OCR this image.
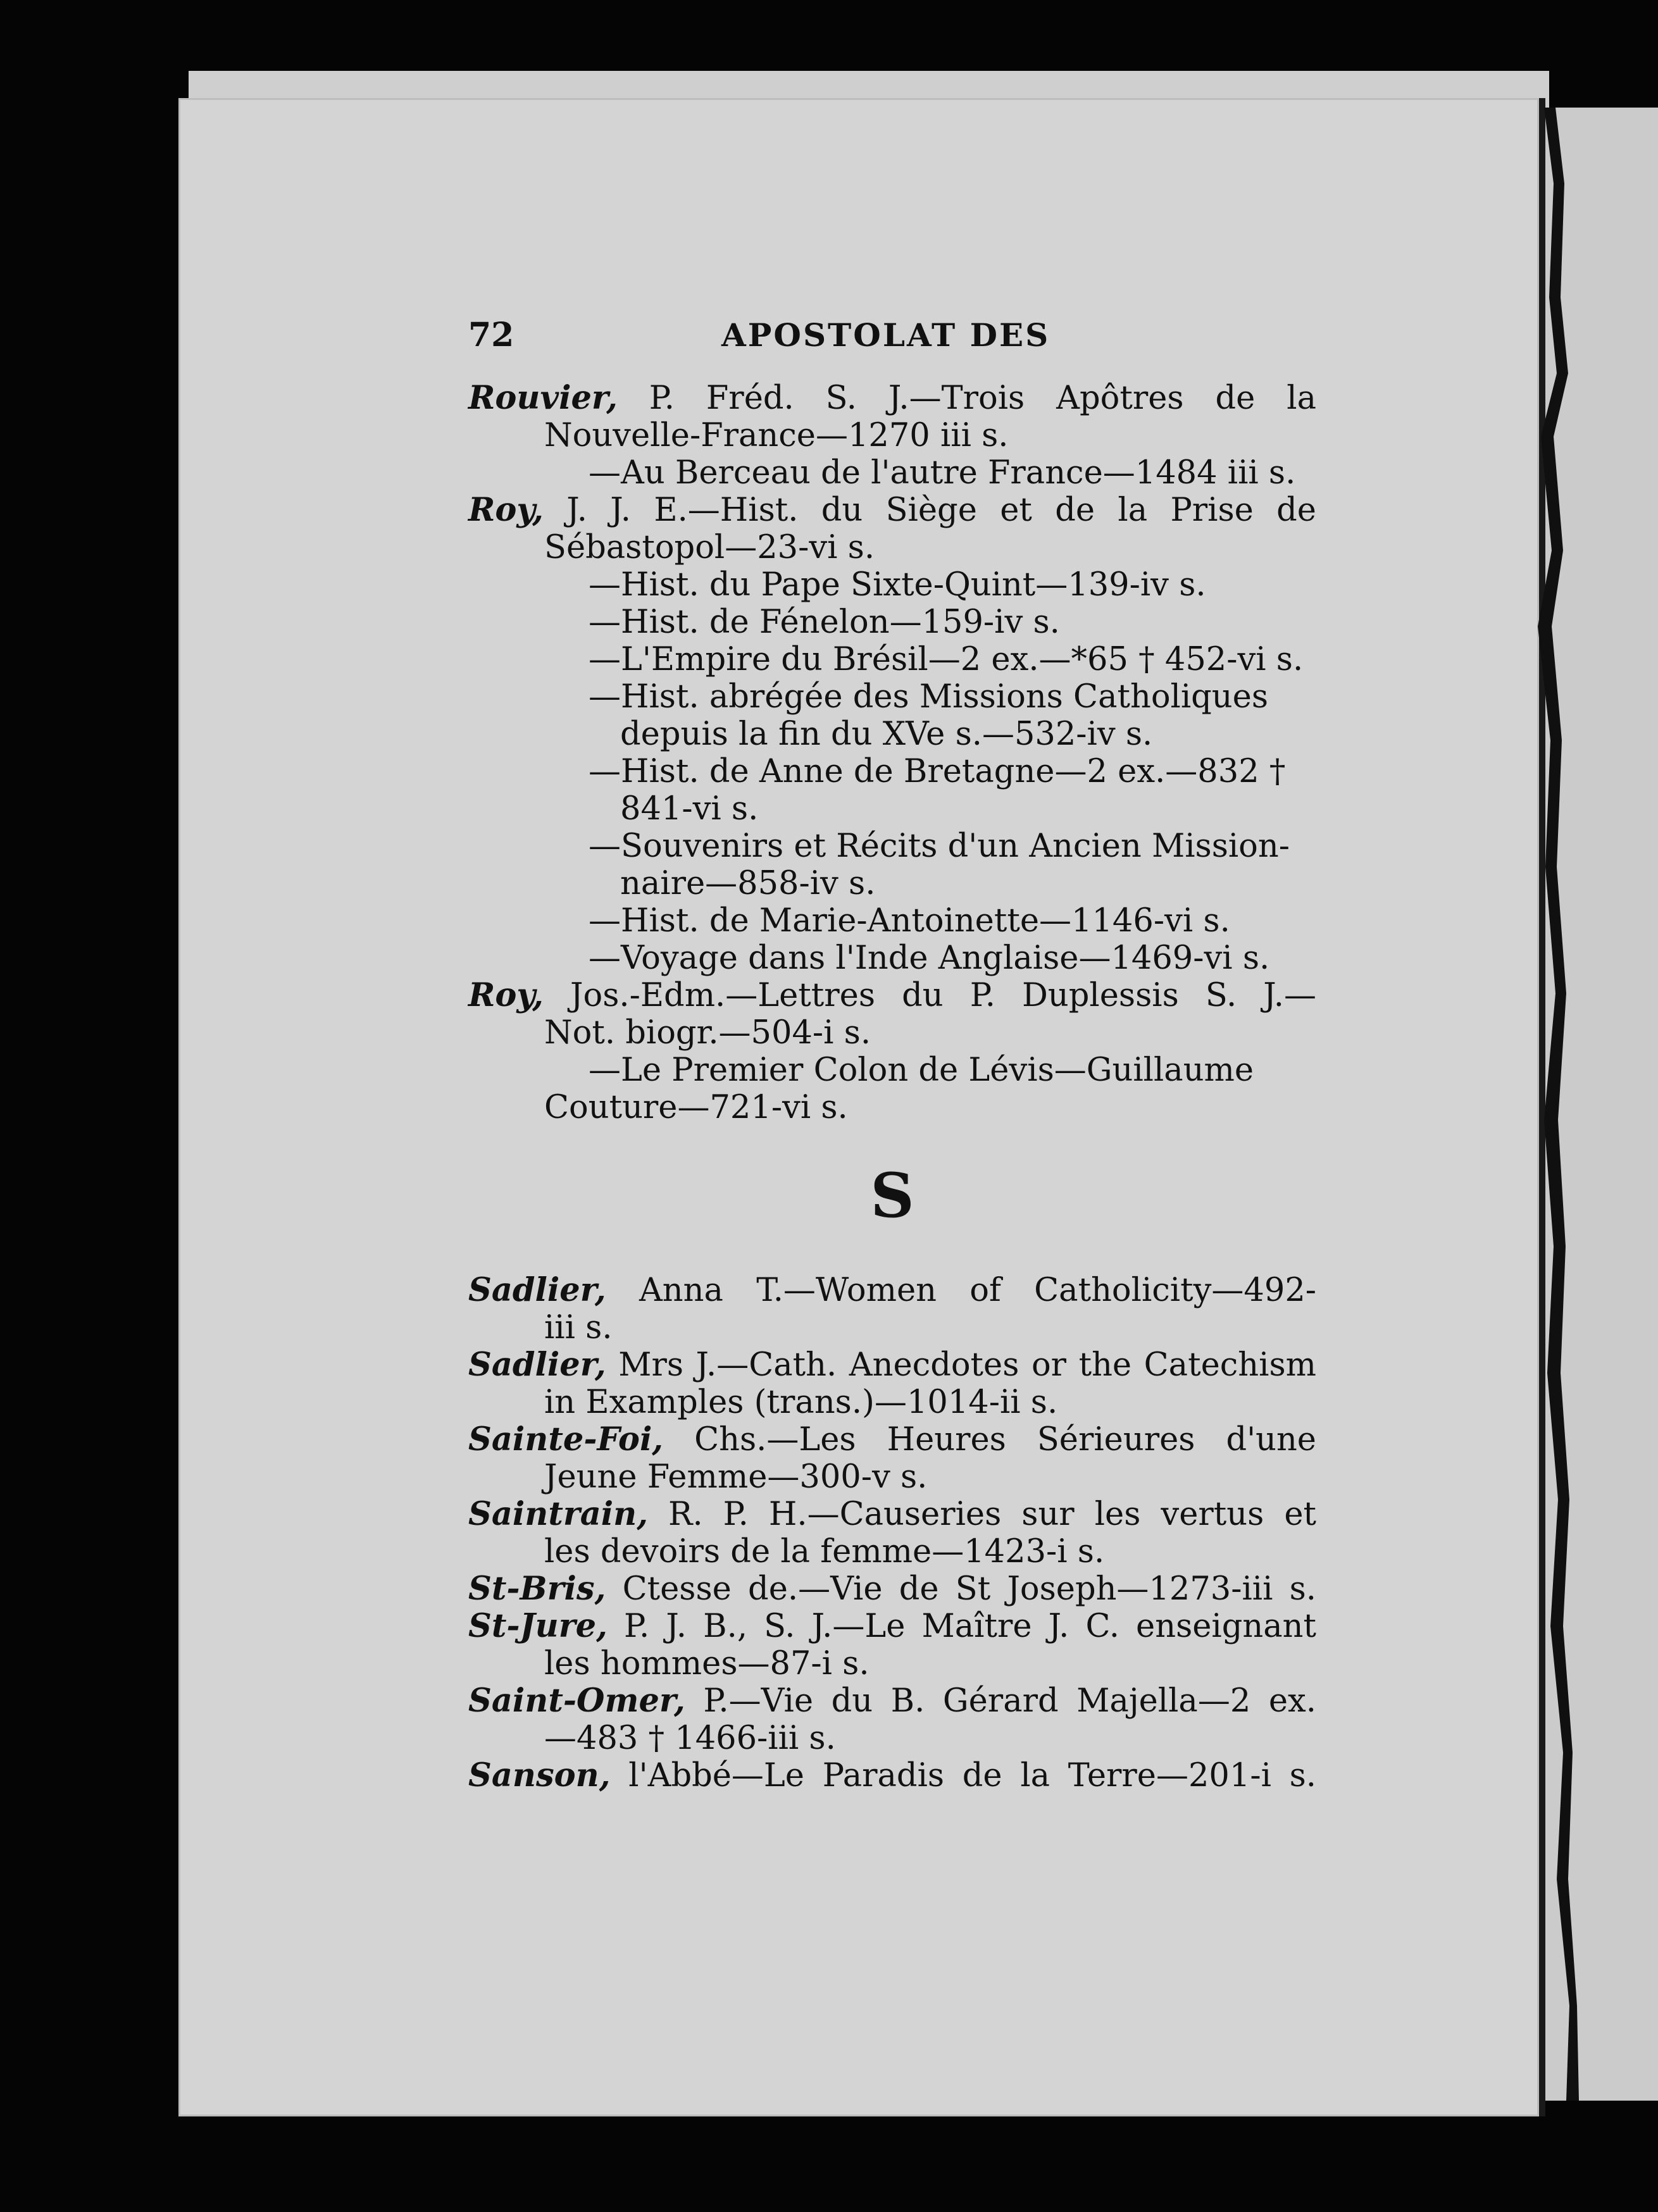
72	APOSTOLAT DES
Rouvier, P. Fréd. S. J.—Trois Apôtres de la
Nouvelle-France—1270 iii s.
—Au Berceau de l'autre France—1484 iii s.
Roy, J. J. E.—Hist. du Siège et de la Prise de
Sébastopol—23-vi s.
—Hist. du Pape Sixte-Quint—139-iv s.
—Hist. de Fénelon—159-iv s.
—L'Empire du Brésil—2 ex.—*65 † 452-vi s.
—Hist. abrégée des Missions Catholiques
depuis la fin du XVe s.—532-iv s.
—Hist. de Anne de Bretagne—2 ex.—832 †
841-vi s.
—Souvenirs et Récits d'un Ancien Mission-
naire—858-iv s.
—Hist. de Marie-Antoinette—1146-vi s.
—Voyage dans l'Inde Anglaise—1469-vi s.
Roy, Jos.-Edm.—Lettres du P. Duplessis S. J.—
Not. biogr.—504-i s.
—Le Premier Colon de Lévis—Guillaume
Couture—721-vi s.
S
Sadlier, Anna T.—Women of Catholicity—492-
iii s.
Sadlier, Mrs J.—Cath. Anecdotes or the Catechism
in Examples (trans.)—1014-ii s.
Sainte-Foi, Chs.—Les Heures Sérieures d'une
Jeune Femme—300-v s.
Saintrain, R. P. H.—Causeries sur les vertus et
les devoirs de la femme—1423-i s.
St-Bris, Ctesse de.—Vie de St Joseph—1273-iii s.
St-Jure, P. J. B., S. J.—Le Maître J. C. enseignant
les hommes—87-i s.
Saint-Omer, P.—Vie du B. Gérard Majella—2 ex.
—483 † 1466-iii s.
Sanson, l'Abbé—Le Paradis de la Terre—201-i s.
